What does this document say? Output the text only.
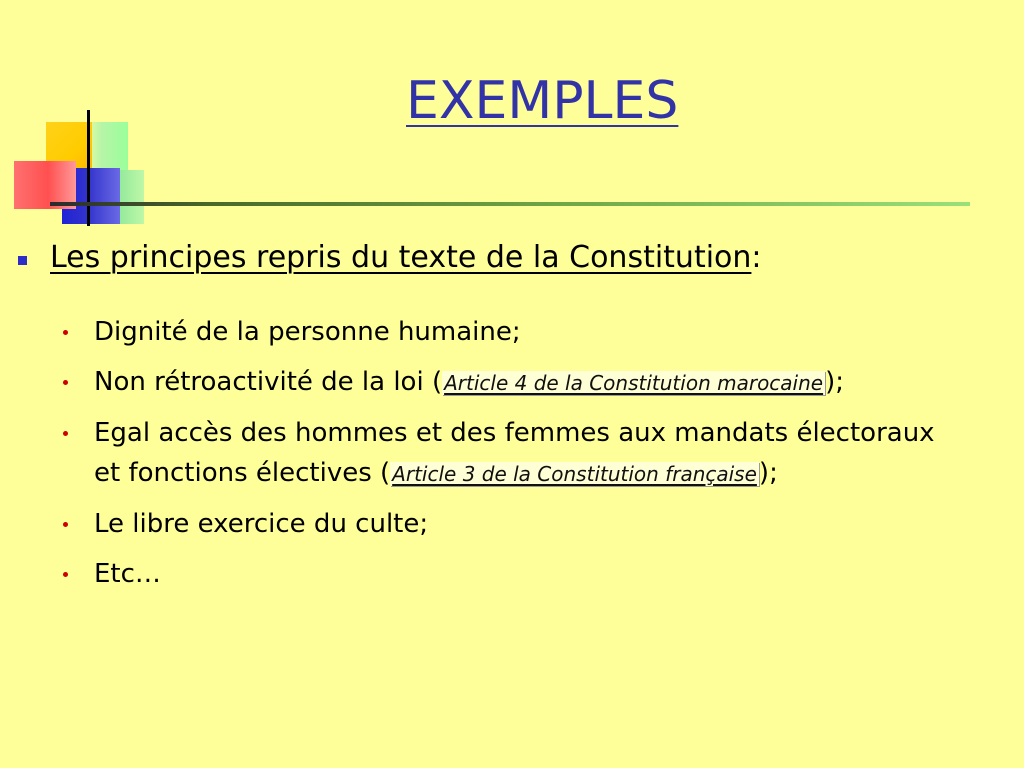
EXEMPLES
Les principes repris du texte de la Constitution:
Dignité de la personne humaine;
Non rétroactivité de la loi ( Article 4 de la Constitution marocaine);
Egal accès des hommes et des femmes aux mandats électoraux et fonctions électives ( Article 3 de la Constitution française);
Le libre exercice du culte;
Etc…
